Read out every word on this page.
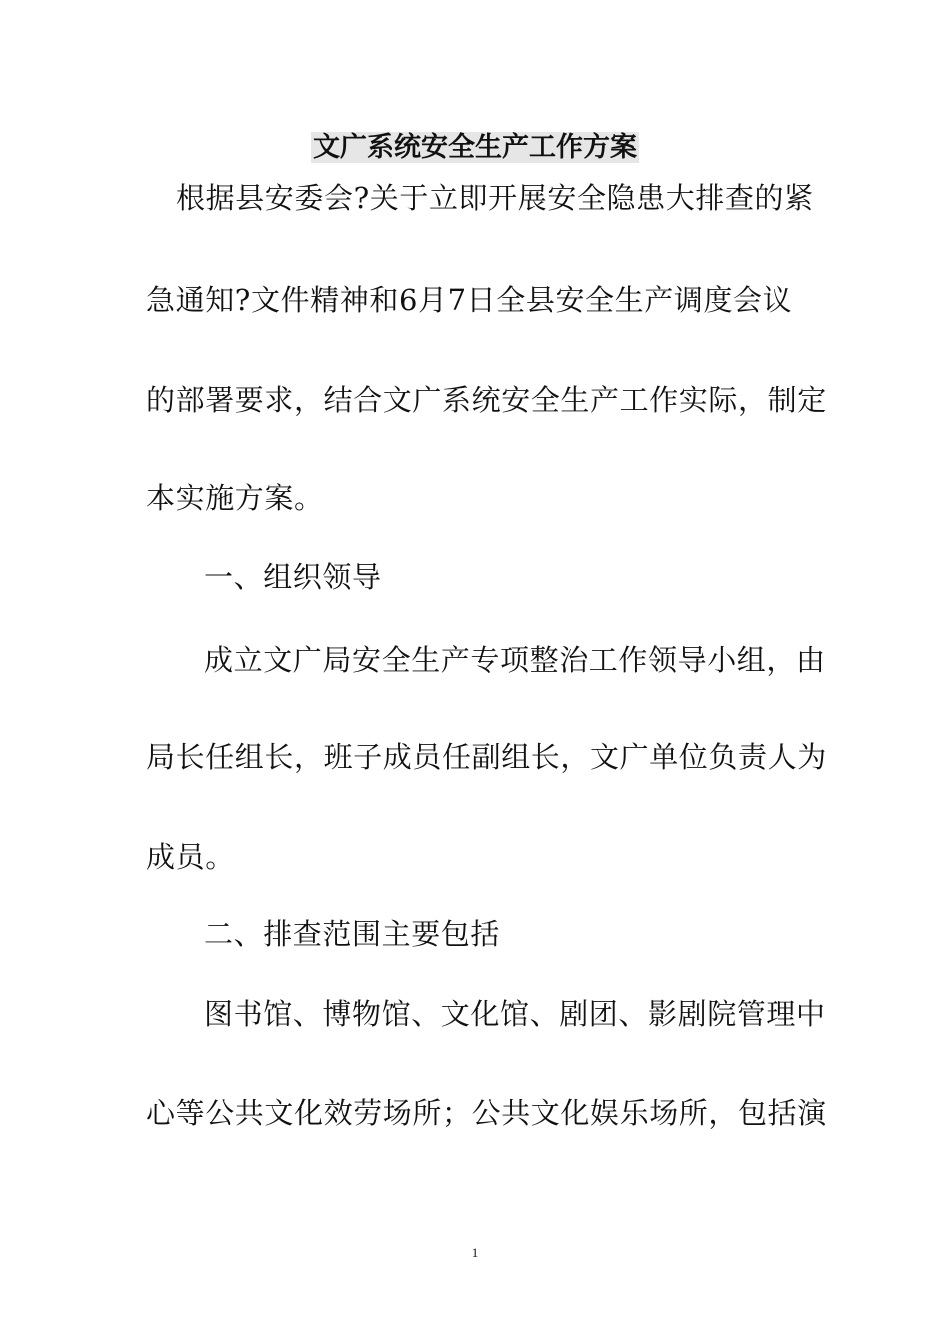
文广系统安全生产工作方案
根据县安委会?关于立即开展安全隐患大排查的紧
急通知?文件精神和6月7日全县安全生产调度会议
的部署要求，结合文广系统安全生产工作实际，制定
本实施方案。
一、组织领导
成立文广局安全生产专项整治工作领导小组，由
局长任组长，班子成员任副组长，文广单位负责人为
成员。
二、排查范围主要包括
图书馆、博物馆、文化馆、剧团、影剧院管理中
心等公共文化效劳场所；公共文化娱乐场所，包括演
1
